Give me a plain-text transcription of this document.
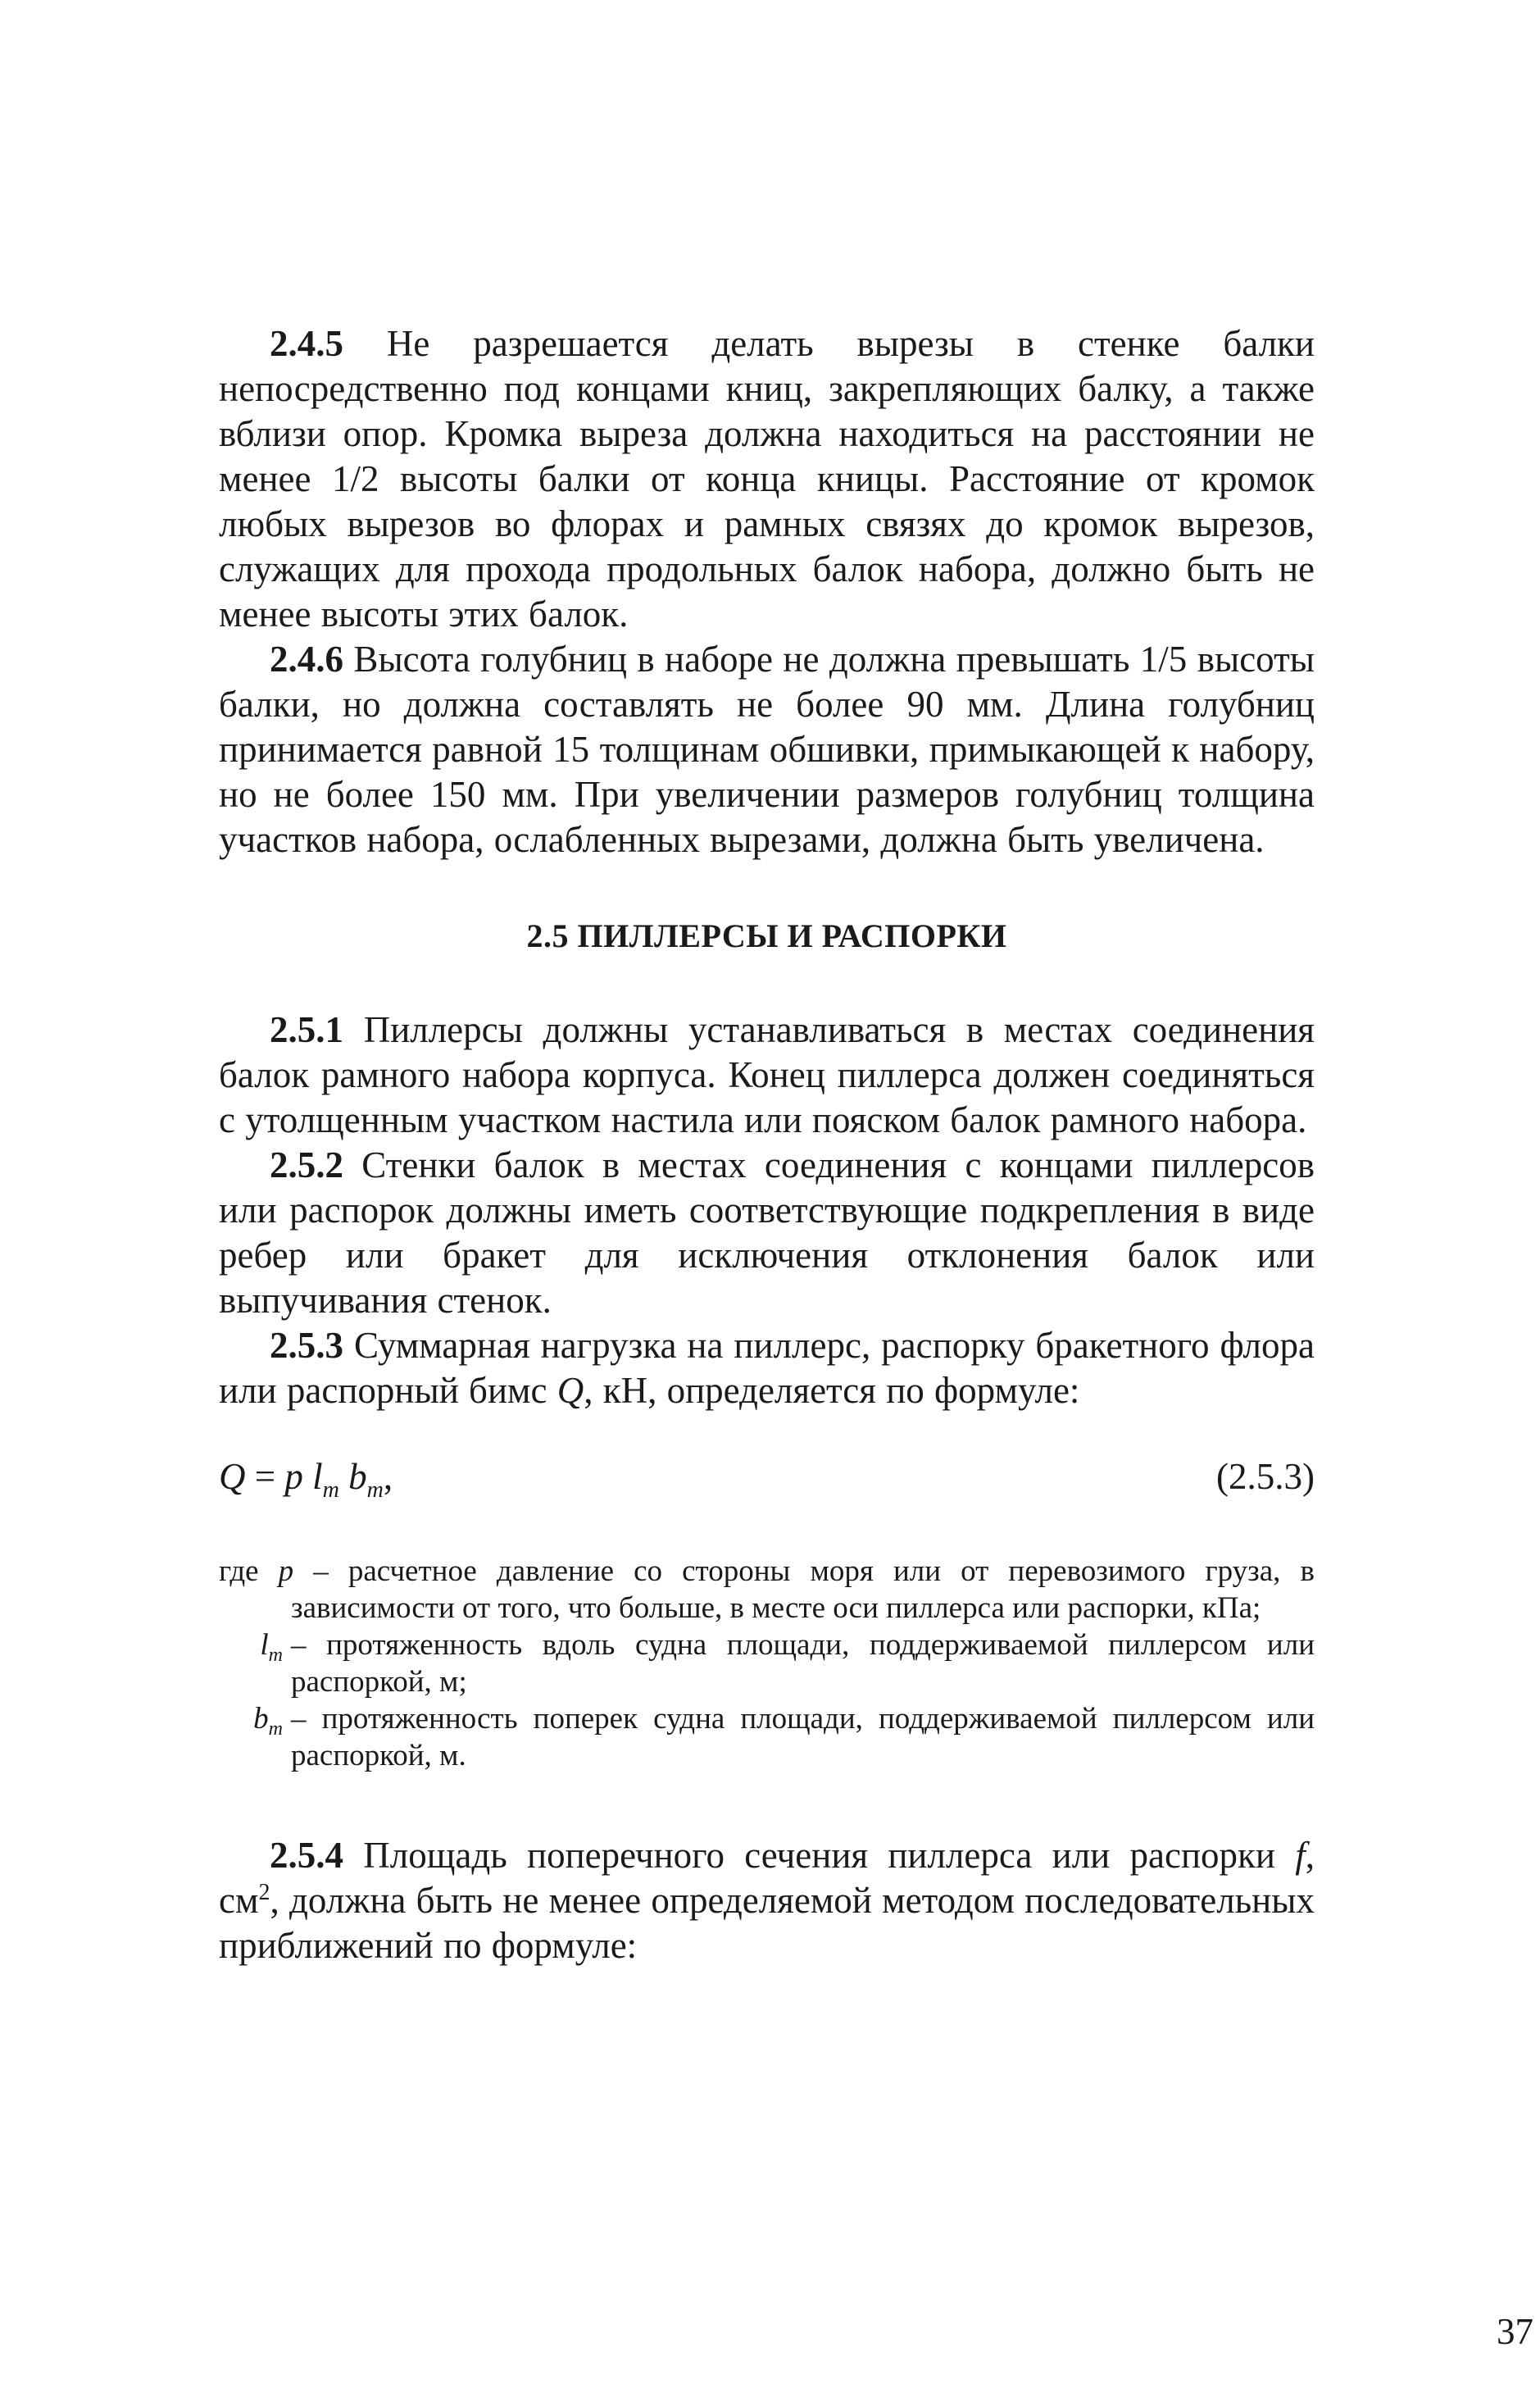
2.4.5 Не разрешается делать вырезы в стенке балки непосредственно под концами книц, закрепляющих балку, а также вблизи опор. Кромка выреза должна находиться на расстоянии не менее 1/2 высоты балки от конца кницы. Расстояние от кромок любых вырезов во флорах и рамных связях до кромок вырезов, служащих для прохода продольных балок набора, должно быть не менее высоты этих балок.

2.4.6 Высота голубниц в наборе не должна превышать 1/5 высоты балки, но должна составлять не более 90 мм. Длина голубниц принимается равной 15 толщинам обшивки, примыкающей к набору, но не более 150 мм. При увеличении размеров голубниц толщина участков набора, ослабленных вырезами, должна быть увеличена.

2.5 ПИЛЛЕРСЫ И РАСПОРКИ

2.5.1 Пиллерсы должны устанавливаться в местах соединения балок рамного набора корпуса. Конец пиллерса должен соединяться с утолщенным участком настила или пояском балок рамного набора.

2.5.2 Стенки балок в местах соединения с концами пиллерсов или распорок должны иметь соответствующие подкрепления в виде ребер или бракет для исключения отклонения балок или выпучивания стенок.

2.5.3 Суммарная нагрузка на пиллерс, распорку бракетного флора или распорный бимс Q, кН, определяется по формуле:

Q = p $l_m$ $b_m$,	(2.5.3)
где p – расчетное давление со стороны моря или от перевозимого груза, в зависимости от того, что больше, в месте оси пиллерса или распорки, кПа;
$l_m$ – протяженность вдоль судна площади, поддерживаемой пиллерсом или распоркой, м;
$b_m$ – протяженность поперек судна площади, поддерживаемой пиллерсом или распоркой, м.

2.5.4 Площадь поперечного сечения пиллерса или распорки f, $см^2$, должна быть не менее определяемой методом последовательных приближений по формуле:

37
